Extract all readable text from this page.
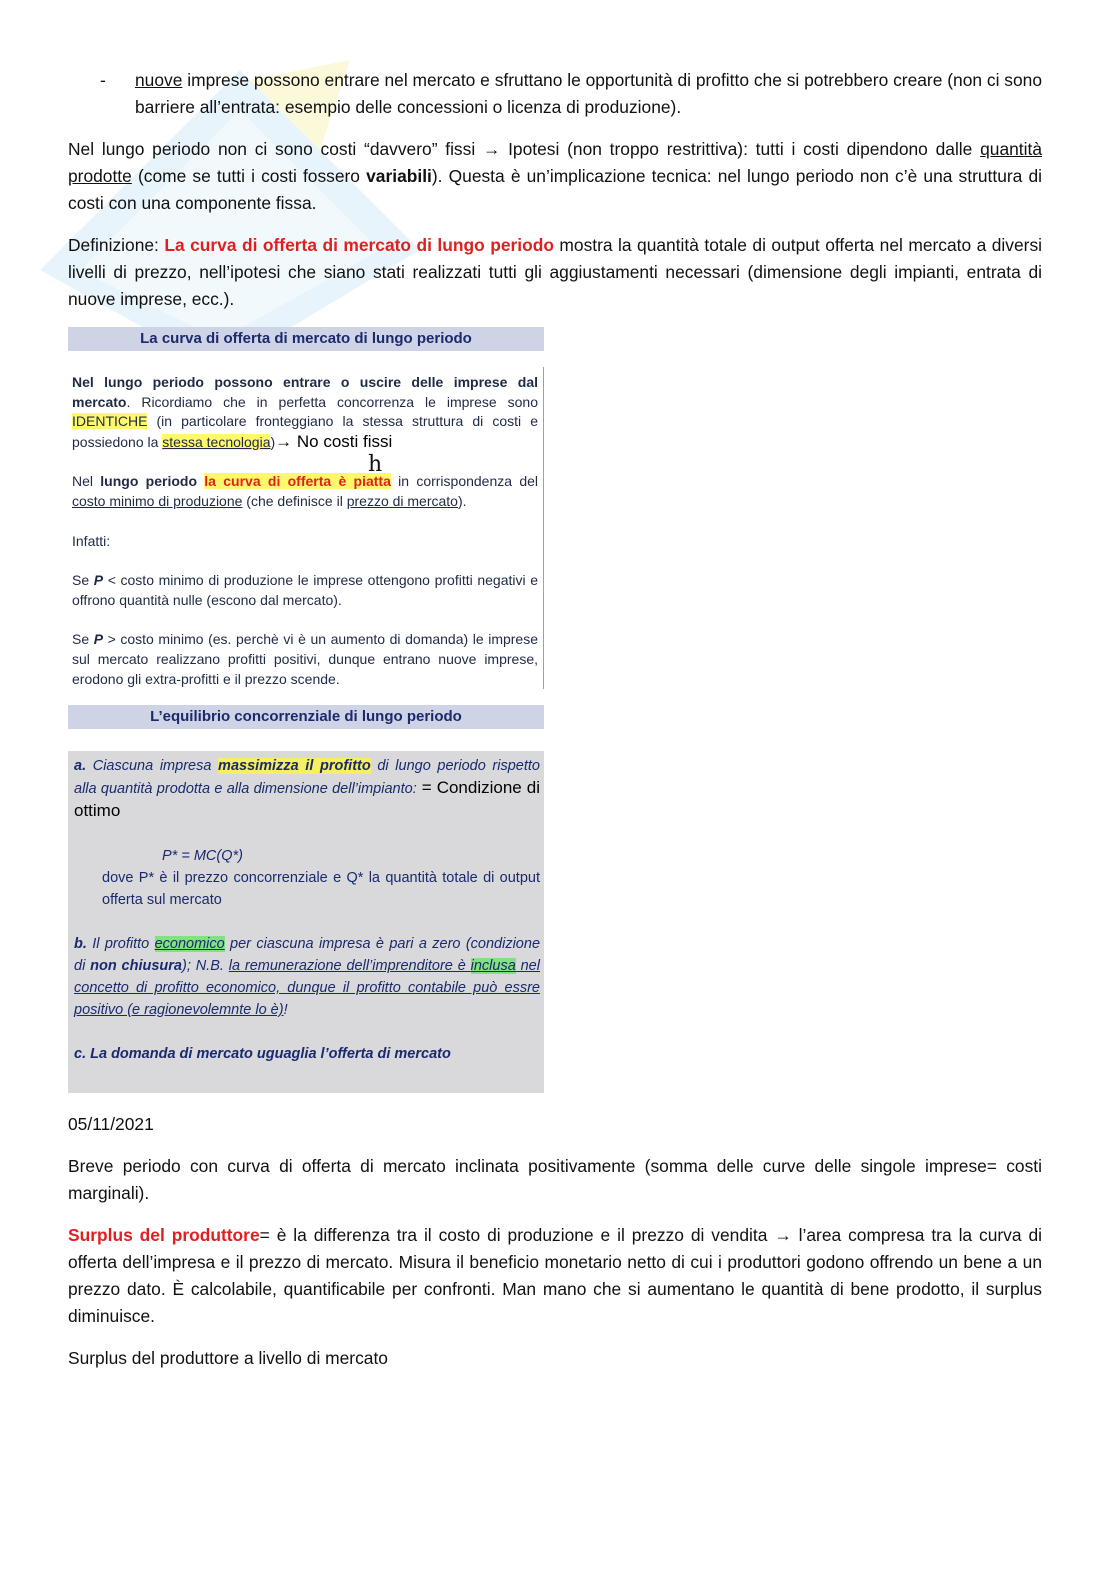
- nuove imprese possono entrare nel mercato e sfruttano le opportunità di profitto che si potrebbero creare (non ci sono barriere all’entrata: esempio delle concessioni o licenza di produzione).

Nel lungo periodo non ci sono costi “davvero” fissi → Ipotesi (non troppo restrittiva): tutti i costi dipendono dalle quantità prodotte (come se tutti i costi fossero variabili). Questa è un’implicazione tecnica: nel lungo periodo non c’è una struttura di costi con una componente fissa.

Definizione: La curva di offerta di mercato di lungo periodo mostra la quantità totale di output offerta nel mercato a diversi livelli di prezzo, nell’ipotesi che siano stati realizzati tutti gli aggiustamenti necessari (dimensione degli impianti, entrata di nuove imprese, ecc.).

La curva di offerta di mercato di lungo periodo

Nel lungo periodo possono entrare o uscire delle imprese dal mercato. Ricordiamo che in perfetta concorrenza le imprese sono IDENTICHE (in particolare fronteggiano la stessa struttura di costi e possiedono la stessa tecnologia)→ No costi fissi

Nel lungo periodo la curva di offerta è piatta in corrispondenza del costo minimo di produzione (che definisce il prezzo di mercato).

Infatti:

Se P < costo minimo di produzione le imprese ottengono profitti negativi e offrono quantità nulle (escono dal mercato).

Se P > costo minimo (es. perchè vi è un aumento di domanda) le imprese sul mercato realizzano profitti positivi, dunque entrano nuove imprese, erodono gli extra-profitti e il prezzo scende.

h
L’equilibrio concorrenziale di lungo periodo

a. Ciascuna impresa massimizza il profitto di lungo periodo rispetto alla quantità prodotta e alla dimensione dell’impianto: = Condizione di ottimo

P* = MC(Q*)

dove P* è il prezzo concorrenziale e Q* la quantità totale di output offerta sul mercato

b. Il profitto economico per ciascuna impresa è pari a zero (condizione di non chiusura); N.B. la remunerazione dell’imprenditore è inclusa nel concetto di profitto economico, dunque il profitto contabile può essre positivo (e ragionevolemnte lo è)!

c. La domanda di mercato uguaglia l’offerta di mercato

05/11/2021

Breve periodo con curva di offerta di mercato inclinata positivamente (somma delle curve delle singole imprese= costi marginali).

Surplus del produttore= è la differenza tra il costo di produzione e il prezzo di vendita → l’area compresa tra la curva di offerta dell’impresa e il prezzo di mercato. Misura il beneficio monetario netto di cui i produttori godono offrendo un bene a un prezzo dato. È calcolabile, quantificabile per confronti. Man mano che si aumentano le quantità di bene prodotto, il surplus diminuisce.

Surplus del produttore a livello di mercato
